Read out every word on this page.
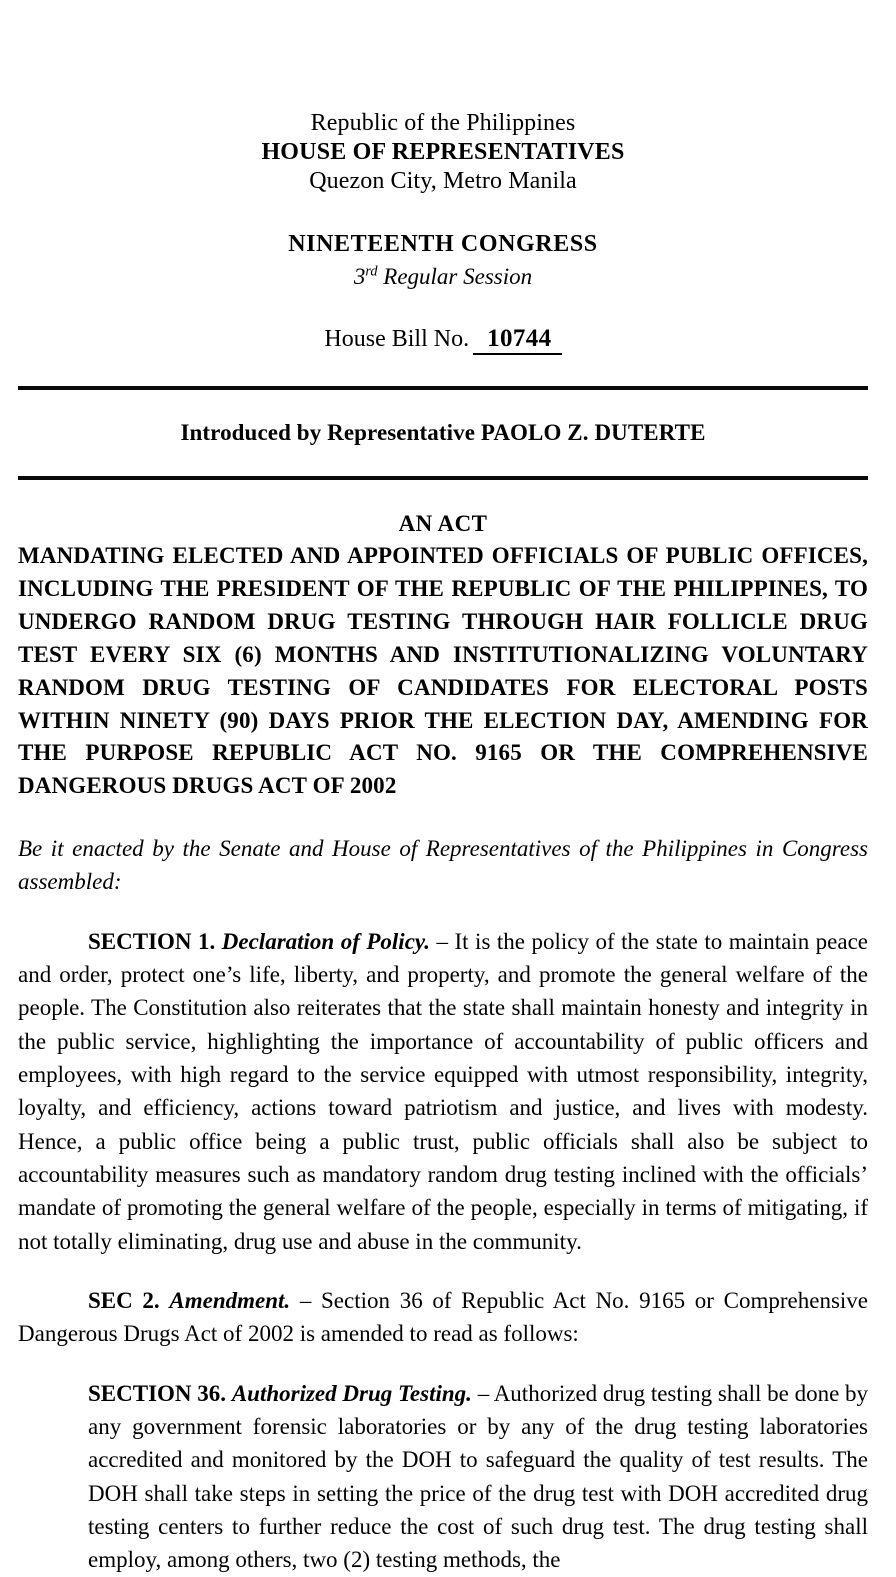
Republic of the Philippines
HOUSE OF REPRESENTATIVES
Quezon City, Metro Manila
NINETEENTH CONGRESS
3rd Regular Session
House Bill No. 10744
Introduced by Representative PAOLO Z. DUTERTE
AN ACT
MANDATING ELECTED AND APPOINTED OFFICIALS OF PUBLIC OFFICES, INCLUDING THE PRESIDENT OF THE REPUBLIC OF THE PHILIPPINES, TO UNDERGO RANDOM DRUG TESTING THROUGH HAIR FOLLICLE DRUG TEST EVERY SIX (6) MONTHS AND INSTITUTIONALIZING VOLUNTARY RANDOM DRUG TESTING OF CANDIDATES FOR ELECTORAL POSTS WITHIN NINETY (90) DAYS PRIOR THE ELECTION DAY, AMENDING FOR THE PURPOSE REPUBLIC ACT NO. 9165 OR THE COMPREHENSIVE DANGEROUS DRUGS ACT OF 2002
Be it enacted by the Senate and House of Representatives of the Philippines in Congress assembled:

SECTION 1. Declaration of Policy. – It is the policy of the state to maintain peace and order, protect one’s life, liberty, and property, and promote the general welfare of the people. The Constitution also reiterates that the state shall maintain honesty and integrity in the public service, highlighting the importance of accountability of public officers and employees, with high regard to the service equipped with utmost responsibility, integrity, loyalty, and efficiency, actions toward patriotism and justice, and lives with modesty. Hence, a public office being a public trust, public officials shall also be subject to accountability measures such as mandatory random drug testing inclined with the officials’ mandate of promoting the general welfare of the people, especially in terms of mitigating, if not totally eliminating, drug use and abuse in the community.

SEC 2. Amendment. – Section 36 of Republic Act No. 9165 or Comprehensive Dangerous Drugs Act of 2002 is amended to read as follows:

SECTION 36. Authorized Drug Testing. – Authorized drug testing shall be done by any government forensic laboratories or by any of the drug testing laboratories accredited and monitored by the DOH to safeguard the quality of test results. The DOH shall take steps in setting the price of the drug test with DOH accredited drug testing centers to further reduce the cost of such drug test. The drug testing shall employ, among others, two (2) testing methods, the
